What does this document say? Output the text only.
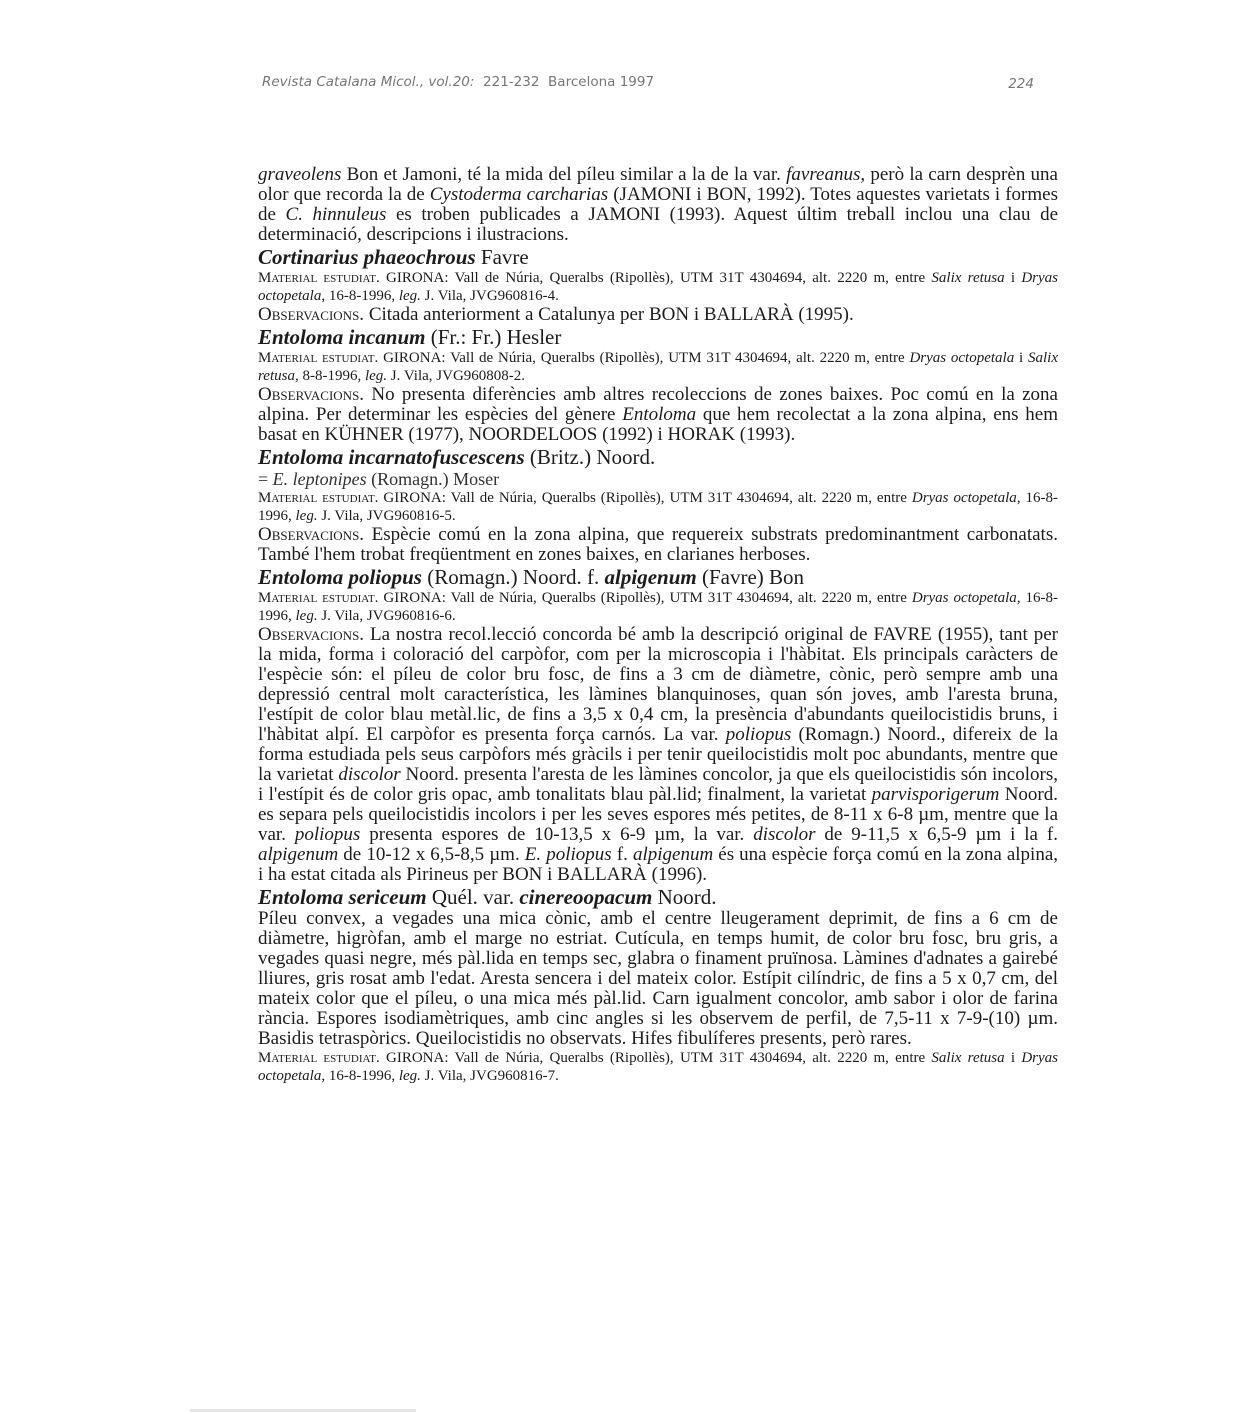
Revista Catalana Micol., vol.20: 221-232 Barcelona 1997	224

graveolens Bon et Jamoni, té la mida del píleu similar a la de la var. favreanus, però la carn desprèn una olor que recorda la de Cystoderma carcharias (JAMONI i BON, 1992). Totes aquestes varietats i formes de C. hinnuleus es troben publicades a JAMONI (1993). Aquest últim treball inclou una clau de determinació, descripcions i ilustracions.

Cortinarius phaeochrous Favre

Material estudiat. GIRONA: Vall de Núria, Queralbs (Ripollès), UTM 31T 4304694, alt. 2220 m, entre Salix retusa i Dryas octopetala, 16-8-1996, leg. J. Vila, JVG960816-4.

Observacions. Citada anteriorment a Catalunya per BON i BALLARÀ (1995).

Entoloma incanum (Fr.: Fr.) Hesler

Material estudiat. GIRONA: Vall de Núria, Queralbs (Ripollès), UTM 31T 4304694, alt. 2220 m, entre Dryas octopetala i Salix retusa, 8-8-1996, leg. J. Vila, JVG960808-2.

Observacions. No presenta diferències amb altres recoleccions de zones baixes. Poc comú en la zona alpina. Per determinar les espècies del gènere Entoloma que hem recolectat a la zona alpina, ens hem basat en KÜHNER (1977), NOORDELOOS (1992) i HORAK (1993).

Entoloma incarnatofuscescens (Britz.) Noord.

= E. leptonipes (Romagn.) Moser

Material estudiat. GIRONA: Vall de Núria, Queralbs (Ripollès), UTM 31T 4304694, alt. 2220 m, entre Dryas octopetala, 16-8-1996, leg. J. Vila, JVG960816-5.

Observacions. Espècie comú en la zona alpina, que requereix substrats predominantment carbonatats. També l'hem trobat freqüentment en zones baixes, en clarianes herboses.

Entoloma poliopus (Romagn.) Noord. f. alpigenum (Favre) Bon

Material estudiat. GIRONA: Vall de Núria, Queralbs (Ripollès), UTM 31T 4304694, alt. 2220 m, entre Dryas octopetala, 16-8-1996, leg. J. Vila, JVG960816-6.

Observacions. La nostra recol.lecció concorda bé amb la descripció original de FAVRE (1955), tant per la mida, forma i coloració del carpòfor, com per la microscopia i l'hàbitat. Els principals caràcters de l'espècie són: el píleu de color bru fosc, de fins a 3 cm de diàmetre, cònic, però sempre amb una depressió central molt característica, les làmines blanquinoses, quan són joves, amb l'aresta bruna, l'estípit de color blau metàl.lic, de fins a 3,5 x 0,4 cm, la presència d'abundants queilocistidis bruns, i l'hàbitat alpí. El carpòfor es presenta força carnós. La var. poliopus (Romagn.) Noord., difereix de la forma estudiada pels seus carpòfors més gràcils i per tenir queilocistidis molt poc abundants, mentre que la varietat discolor Noord. presenta l'aresta de les làmines concolor, ja que els queilocistidis són incolors, i l'estípit és de color gris opac, amb tonalitats blau pàl.lid; finalment, la varietat parvisporigerum Noord. es separa pels queilocistidis incolors i per les seves espores més petites, de 8-11 x 6-8 µm, mentre que la var. poliopus presenta espores de 10-13,5 x 6-9 µm, la var. discolor de 9-11,5 x 6,5-9 µm i la f. alpigenum de 10-12 x 6,5-8,5 µm. E. poliopus f. alpigenum és una espècie força comú en la zona alpina, i ha estat citada als Pirineus per BON i BALLARÀ (1996).

Entoloma sericeum Quél. var. cinereoopacum Noord.

Píleu convex, a vegades una mica cònic, amb el centre lleugerament deprimit, de fins a 6 cm de diàmetre, higròfan, amb el marge no estriat. Cutícula, en temps humit, de color bru fosc, bru gris, a vegades quasi negre, més pàl.lida en temps sec, glabra o finament pruïnosa. Làmines d'adnates a gairebé lliures, gris rosat amb l'edat. Aresta sencera i del mateix color. Estípit cilíndric, de fins a 5 x 0,7 cm, del mateix color que el píleu, o una mica més pàl.lid. Carn igualment concolor, amb sabor i olor de farina rància. Espores isodiamètriques, amb cinc angles si les observem de perfil, de 7,5-11 x 7-9-(10) µm. Basidis tetraspòrics. Queilocistidis no observats. Hifes fibulíferes presents, però rares.

Material estudiat. GIRONA: Vall de Núria, Queralbs (Ripollès), UTM 31T 4304694, alt. 2220 m, entre Salix retusa i Dryas octopetala, 16-8-1996, leg. J. Vila, JVG960816-7.
